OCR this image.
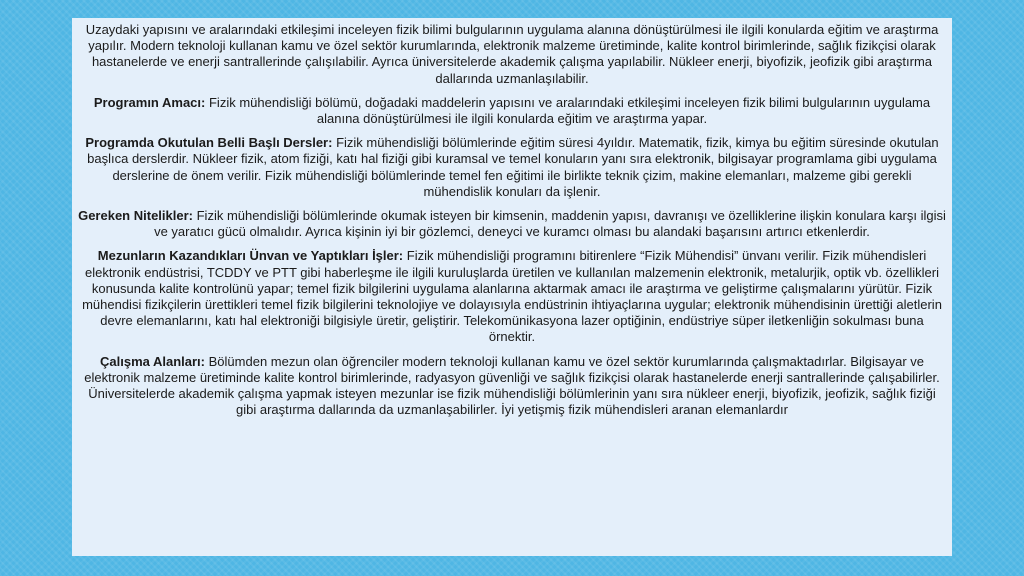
Uzaydaki yapısını ve aralarındaki etkileşimi inceleyen fizik bilimi bulgularının uygulama alanına dönüştürülmesi ile ilgili konularda eğitim ve araştırma yapılır. Modern teknoloji kullanan kamu ve özel sektör kurumlarında, elektronik malzeme üretiminde, kalite kontrol birimlerinde, sağlık fizikçisi olarak hastanelerde ve enerji santrallerinde çalışılabilir. Ayrıca üniversitelerde akademik çalışma yapılabilir. Nükleer enerji, biyofizik, jeofizik gibi araştırma dallarında uzmanlaşılabilir.

Programın Amacı: Fizik mühendisliği bölümü, doğadaki maddelerin yapısını ve aralarındaki etkileşimi inceleyen fizik bilimi bulgularının uygulama alanına dönüştürülmesi ile ilgili konularda eğitim ve araştırma yapar.

Programda Okutulan Belli Başlı Dersler: Fizik mühendisliği bölümlerinde eğitim süresi 4yıldır. Matematik, fizik, kimya bu eğitim süresinde okutulan başlıca derslerdir. Nükleer fizik, atom fiziği, katı hal fiziği gibi kuramsal ve temel konuların yanı sıra elektronik, bilgisayar programlama gibi uygulama derslerine de önem verilir. Fizik mühendisliği bölümlerinde temel fen eğitimi ile birlikte teknik çizim, makine elemanları, malzeme gibi gerekli mühendislik konuları da işlenir.

Gereken Nitelikler: Fizik mühendisliği bölümlerinde okumak isteyen bir kimsenin, maddenin yapısı, davranışı ve özelliklerine ilişkin konulara karşı ilgisi ve yaratıcı gücü olmalıdır. Ayrıca kişinin iyi bir gözlemci, deneyci ve kuramcı olması bu alandaki başarısını artırıcı etkenlerdir.

Mezunların Kazandıkları Ünvan ve Yaptıkları İşler: Fizik mühendisliği programını bitirenlere “Fizik Mühendisi” ünvanı verilir. Fizik mühendisleri elektronik endüstrisi, TCDDY ve PTT gibi haberleşme ile ilgili kuruluşlarda üretilen ve kullanılan malzemenin elektronik, metalurjik, optik vb. özellikleri konusunda kalite kontrolünü yapar; temel fizik bilgilerini uygulama alanlarına aktarmak amacı ile araştırma ve geliştirme çalışmalarını yürütür. Fizik mühendisi fizikçilerin ürettikleri temel fizik bilgilerini teknolojiye ve dolayısıyla endüstrinin ihtiyaçlarına uygular; elektronik mühendisinin ürettiği aletlerin devre elemanlarını, katı hal elektroniği bilgisiyle üretir, geliştirir. Telekomünikasyona lazer optiğinin, endüstriye süper iletkenliğin sokulması buna örnektir.

Çalışma Alanları: Bölümden mezun olan öğrenciler modern teknoloji kullanan kamu ve özel sektör kurumlarında çalışmaktadırlar. Bilgisayar ve elektronik malzeme üretiminde kalite kontrol birimlerinde, radyasyon güvenliği ve sağlık fizikçisi olarak hastanelerde enerji santrallerinde çalışabilirler. Üniversitelerde akademik çalışma yapmak isteyen mezunlar ise fizik mühendisliği bölümlerinin yanı sıra nükleer enerji, biyofizik, jeofizik, sağlık fiziği gibi araştırma dallarında da uzmanlaşabilirler. İyi yetişmiş fizik mühendisleri aranan elemanlardır
